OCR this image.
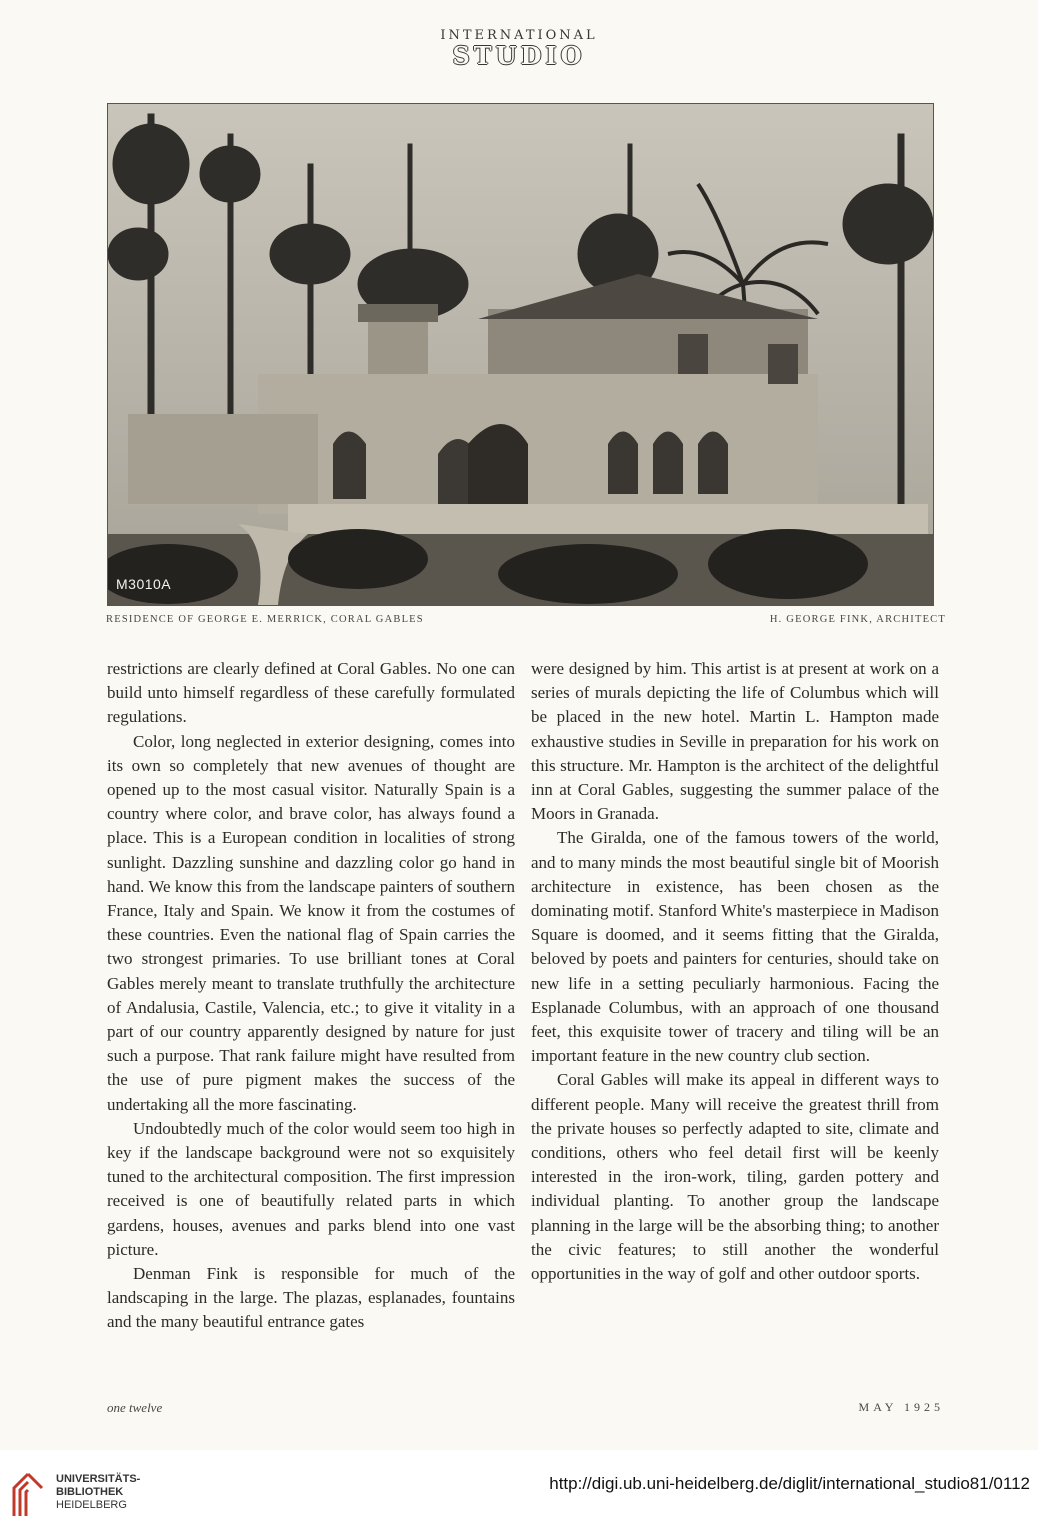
INTERNATIONAL
STUDIO
M3010A
RESIDENCE OF GEORGE E. MERRICK, CORAL GABLES	H. GEORGE FINK, ARCHITECT

restrictions are clearly defined at Coral Gables. No one can build unto himself regardless of these carefully formulated regulations.

Color, long neglected in exterior designing, comes into its own so completely that new avenues of thought are opened up to the most casual visitor. Naturally Spain is a country where color, and brave color, has always found a place. This is a European condition in localities of strong sunlight. Dazzling sunshine and dazzling color go hand in hand. We know this from the landscape painters of southern France, Italy and Spain. We know it from the costumes of these countries. Even the national flag of Spain carries the two strongest primaries. To use brilliant tones at Coral Gables merely meant to translate truthfully the architecture of Andalusia, Castile, Valencia, etc.; to give it vitality in a part of our country apparently designed by nature for just such a purpose. That rank failure might have resulted from the use of pure pigment makes the success of the undertaking all the more fascinating.

Undoubtedly much of the color would seem too high in key if the landscape background were not so exquisitely tuned to the architectural composition. The first impression received is one of beautifully related parts in which gardens, houses, avenues and parks blend into one vast picture.

Denman Fink is responsible for much of the landscaping in the large. The plazas, esplanades, fountains and the many beautiful entrance gates

were designed by him. This artist is at present at work on a series of murals depicting the life of Columbus which will be placed in the new hotel. Martin L. Hampton made exhaustive studies in Seville in preparation for his work on this structure. Mr. Hampton is the architect of the delightful inn at Coral Gables, suggesting the summer palace of the Moors in Granada.

The Giralda, one of the famous towers of the world, and to many minds the most beautiful single bit of Moorish architecture in existence, has been chosen as the dominating motif. Stanford White's masterpiece in Madison Square is doomed, and it seems fitting that the Giralda, beloved by poets and painters for centuries, should take on new life in a setting peculiarly harmonious. Facing the Esplanade Columbus, with an approach of one thousand feet, this exquisite tower of tracery and tiling will be an important feature in the new country club section.

Coral Gables will make its appeal in different ways to different people. Many will receive the greatest thrill from the private houses so perfectly adapted to site, climate and conditions, others who feel detail first will be keenly interested in the iron-work, tiling, garden pottery and individual planting. To another group the landscape planning in the large will be the absorbing thing; to another the civic features; to still another the wonderful opportunities in the way of golf and other outdoor sports.

one twelve	MAY 1925
UNIVERSITÄTS-
BIBLIOTHEK
HEIDELBERG
http://digi.ub.uni-heidelberg.de/diglit/international_studio81/0112
